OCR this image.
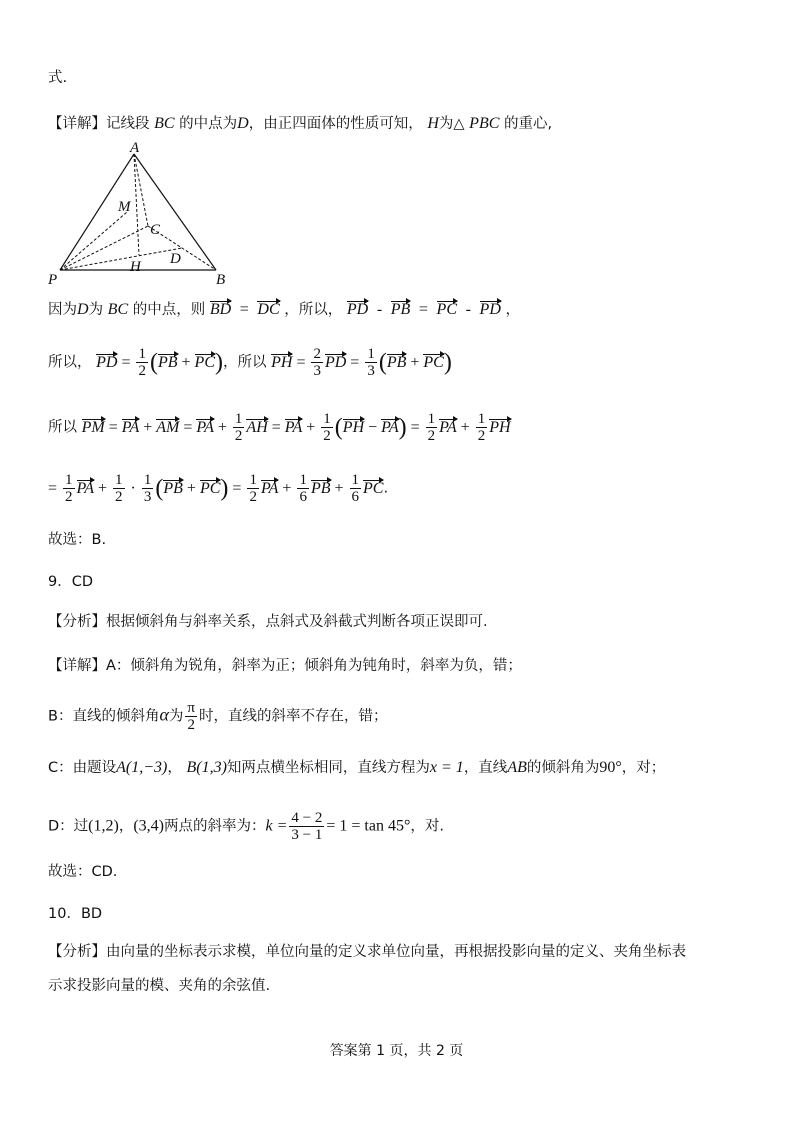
式.
【详解】记线段 BC 的中点为D，由正四面体的性质可知， H为△ PBC 的重心,
A
M
C
D
H
P	B
因为D为 BC 的中点，则 BD = DC ，所以， PD - PB = PC - PD ，
所以， PD = $\frac{1}{2} (PB + PC)$，所以 PH = $\frac{2}{3}$ PD = $\frac{1}{3} (PB + PC)$
所以 PM = PA + AM = PA + $\frac{1}{2}$ AH = PA + $\frac{1}{2} (PH - PA) = \frac{1}{2}$ PA + $\frac{1}{2}$ PH
= $\frac{1}{2}$ PA + $\frac{1}{2} \cdot \frac{1}{3} (PB + PC) = \frac{1}{2}$ PA + $\frac{1}{6}$ PB + $\frac{1}{6}$ PC.
故选：B.
9．CD
【分析】根据倾斜角与斜率关系，点斜式及斜截式判断各项正误即可.
【详解】A：倾斜角为锐角，斜率为正；倾斜角为钝角时，斜率为负，错；
B：直线的倾斜角α为 $\frac{\pi}{2}$ 时，直线的斜率不存在，错；
C：由题设A(1,−3)， B(1,3)知两点横坐标相同，直线方程为x = 1，直线AB的倾斜角为90°，对；
D：过(1,2)，(3,4)两点的斜率为：$k = \frac{4 - 2}{3 - 1} = 1 = \tan 45^\circ$，对.
故选：CD.
10．BD
【分析】由向量的坐标表示求模，单位向量的定义求单位向量，再根据投影向量的定义、夹角坐标表
示求投影向量的模、夹角的余弦值.
答案第 1 页，共 2 页
